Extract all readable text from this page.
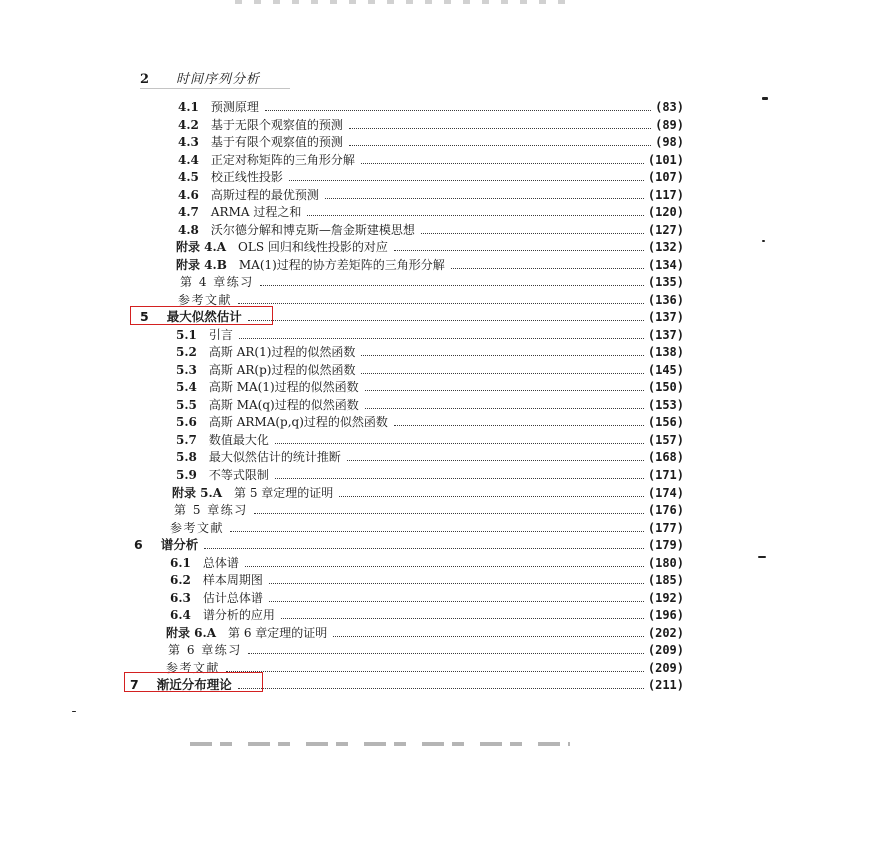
2	时间序列分析
4.1 预测原理	(83)
4.2 基于无限个观察值的预测	(89)
4.3 基于有限个观察值的预测	(98)
4.4 正定对称矩阵的三角形分解	(101)
4.5 校正线性投影	(107)
4.6 高斯过程的最优预测	(117)
4.7 ARMA 过程之和	(120)
4.8 沃尔德分解和博克斯—詹金斯建模思想	(127)
附录 4.A OLS 回归和线性投影的对应	(132)
附录 4.B MA(1)过程的协方差矩阵的三角形分解	(134)
第 4 章练习	(135)
参考文献	(136)
5 最大似然估计	(137)
5.1 引言	(137)
5.2 高斯 AR(1)过程的似然函数	(138)
5.3 高斯 AR(p)过程的似然函数	(145)
5.4 高斯 MA(1)过程的似然函数	(150)
5.5 高斯 MA(q)过程的似然函数	(153)
5.6 高斯 ARMA(p,q)过程的似然函数	(156)
5.7 数值最大化	(157)
5.8 最大似然估计的统计推断	(168)
5.9 不等式限制	(171)
附录 5.A 第 5 章定理的证明	(174)
第 5 章练习	(176)
参考文献	(177)
6 谱分析	(179)
6.1 总体谱	(180)
6.2 样本周期图	(185)
6.3 估计总体谱	(192)
6.4 谱分析的应用	(196)
附录 6.A 第 6 章定理的证明	(202)
第 6 章练习	(209)
参考文献	(209)
7 渐近分布理论	(211)
